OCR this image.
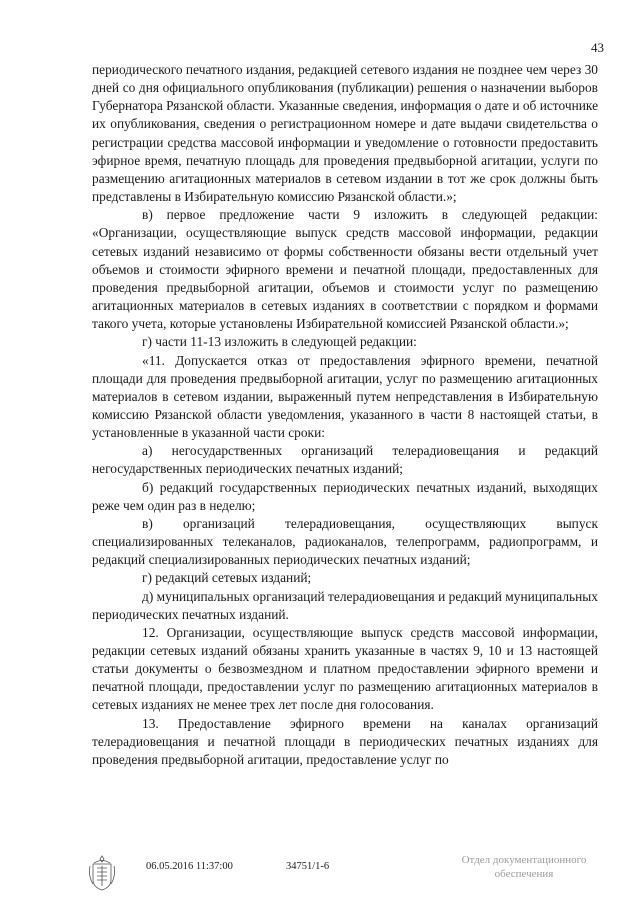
43

периодического печатного издания, редакцией сетевого издания не позднее чем через 30 дней со дня официального опубликования (публикации) решения о назначении выборов Губернатора Рязанской области. Указанные сведения, информация о дате и об источнике их опубликования, сведения о регистрационном номере и дате выдачи свидетельства о регистрации средства массовой информации и уведомление о готовности предоставить эфирное время, печатную площадь для проведения предвыборной агитации, услуги по размещению агитационных материалов в сетевом издании в тот же срок должны быть представлены в Избирательную комиссию Рязанской области.»;

в) первое предложение части 9 изложить в следующей редакции: «Организации, осуществляющие выпуск средств массовой информации, редакции сетевых изданий независимо от формы собственности обязаны вести отдельный учет объемов и стоимости эфирного времени и печатной площади, предоставленных для проведения предвыборной агитации, объемов и стоимости услуг по размещению агитационных материалов в сетевых изданиях в соответствии с порядком и формами такого учета, которые установлены Избирательной комиссией Рязанской области.»;

г) части 11-13 изложить в следующей редакции:

«11. Допускается отказ от предоставления эфирного времени, печатной площади для проведения предвыборной агитации, услуг по размещению агитационных материалов в сетевом издании, выраженный путем непредставления в Избирательную комиссию Рязанской области уведомления, указанного в части 8 настоящей статьи, в установленные в указанной части сроки:

а) негосударственных организаций телерадиовещания и редакций негосударственных периодических печатных изданий;

б) редакций государственных периодических печатных изданий, выходящих реже чем один раз в неделю;

в) организаций телерадиовещания, осуществляющих выпуск специализированных телеканалов, радиоканалов, телепрограмм, радиопрограмм, и редакций специализированных периодических печатных изданий;

г) редакций сетевых изданий;

д) муниципальных организаций телерадиовещания и редакций муниципальных периодических печатных изданий.

12. Организации, осуществляющие выпуск средств массовой информации, редакции сетевых изданий обязаны хранить указанные в частях 9, 10 и 13 настоящей статьи документы о безвозмездном и платном предоставлении эфирного времени и печатной площади, предоставлении услуг по размещению агитационных материалов в сетевых изданиях не менее трех лет после дня голосования.

13. Предоставление эфирного времени на каналах организаций телерадиовещания и печатной площади в периодических печатных изданиях для проведения предвыборной агитации, предоставление услуг по

06.05.2016 11:37:00	34751/1-6
Отдел документационного
обеспечения
